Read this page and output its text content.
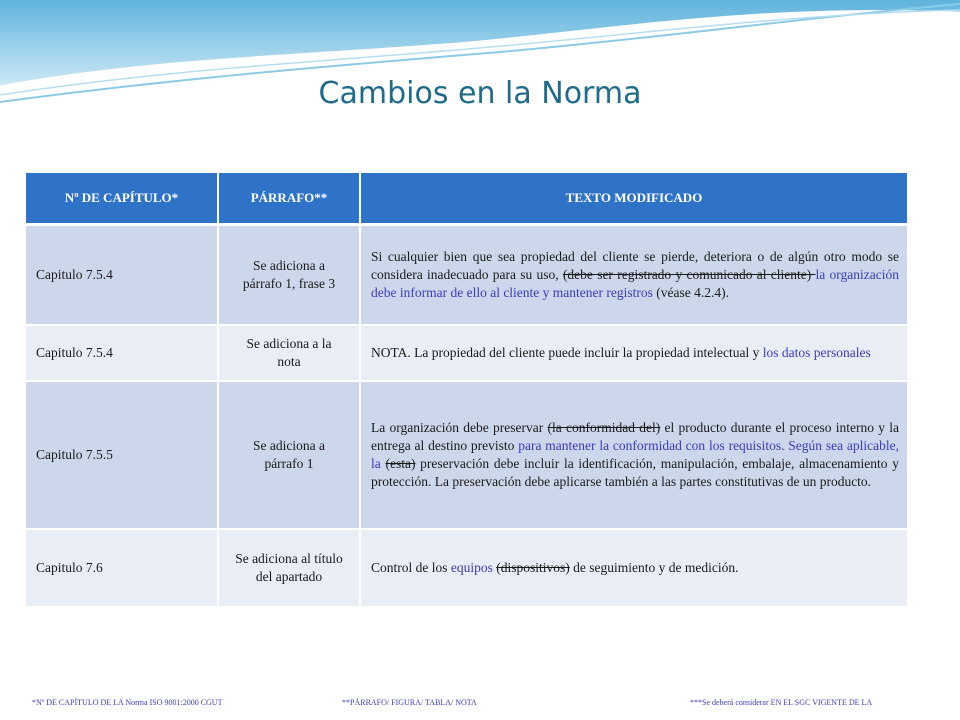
Cambios en la Norma
Nº DE CAPÍTULO*	PÁRRAFO**	TEXTO MODIFICADO
Capitulo 7.5.4	Se adiciona a párrafo 1, frase 3	Si cualquier bien que sea propiedad del cliente se pierde, deteriora o de algún otro modo se considera inadecuado para su uso, (debe ser registrado y comunicado al cliente) la organización debe informar de ello al cliente y mantener registros (véase 4.2.4).
Capitulo 7.5.4	Se adiciona a la nota	NOTA. La propiedad del cliente puede incluir la propiedad intelectual y los datos personales
Capitulo 7.5.5	Se adiciona a párrafo 1	La organización debe preservar (la conformidad del) el producto durante el proceso interno y la entrega al destino previsto para mantener la conformidad con los requisitos. Según sea aplicable, la (esta) preservación debe incluir la identificación, manipulación, embalaje, almacenamiento y protección. La preservación debe aplicarse también a las partes constitutivas de un producto.
Capitulo 7.6	Se adiciona al título del apartado	Control de los equipos (dispositivos) de seguimiento y de medición.
*Nº DE CAPÍTULO DE LA Norma ISO 9001:2000 CGUT	**PÁRRAFO/ FIGURA/ TABLA/ NOTA	***Se deberá considerar EN EL SGC VIGENTE DE LA
